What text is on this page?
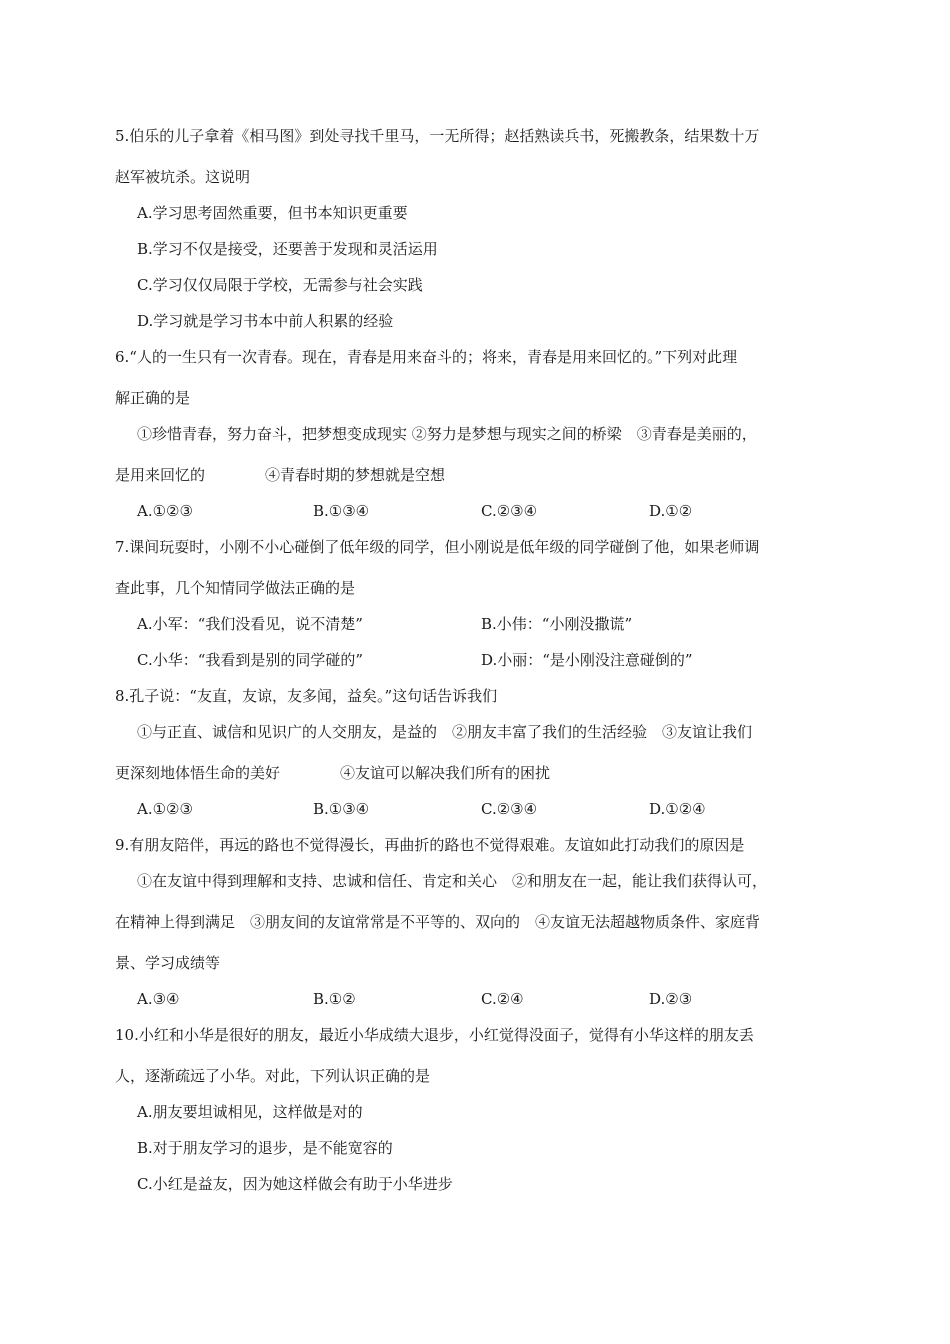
5.伯乐的儿子拿着《相马图》到处寻找千里马，一无所得；赵括熟读兵书，死搬教条，结果数十万
赵军被坑杀。这说明
A.学习思考固然重要，但书本知识更重要
B.学习不仅是接受，还要善于发现和灵活运用
C.学习仅仅局限于学校，无需参与社会实践
D.学习就是学习书本中前人积累的经验
6.“人的一生只有一次青春。现在，青春是用来奋斗的；将来，青春是用来回忆的。”下列对此理
解正确的是
①珍惜青春，努力奋斗，把梦想变成现实 ②努力是梦想与现实之间的桥梁　③青春是美丽的，
是用来回忆的　　　　④青春时期的梦想就是空想
A.①②③	B.①③④	C.②③④	D.①②
7.课间玩耍时，小刚不小心碰倒了低年级的同学，但小刚说是低年级的同学碰倒了他，如果老师调
查此事，几个知情同学做法正确的是
A.小军：“我们没看见，说不清楚”	B.小伟：“小刚没撒谎”
C.小华：“我看到是别的同学碰的”	D.小丽：“是小刚没注意碰倒的”
8.孔子说：“友直，友谅，友多闻，益矣。”这句话告诉我们
①与正直、诚信和见识广的人交朋友，是益的　②朋友丰富了我们的生活经验　③友谊让我们
更深刻地体悟生命的美好　　　　④友谊可以解决我们所有的困扰
A.①②③	B.①③④	C.②③④	D.①②④
9.有朋友陪伴，再远的路也不觉得漫长，再曲折的路也不觉得艰难。友谊如此打动我们的原因是
①在友谊中得到理解和支持、忠诚和信任、肯定和关心　②和朋友在一起，能让我们获得认可，
在精神上得到满足　③朋友间的友谊常常是不平等的、双向的　④友谊无法超越物质条件、家庭背
景、学习成绩等
A.③④	B.①②	C.②④	D.②③
10.小红和小华是很好的朋友，最近小华成绩大退步，小红觉得没面子，觉得有小华这样的朋友丢
人，逐渐疏远了小华。对此，下列认识正确的是
A.朋友要坦诚相见，这样做是对的
B.对于朋友学习的退步，是不能宽容的
C.小红是益友，因为她这样做会有助于小华进步
